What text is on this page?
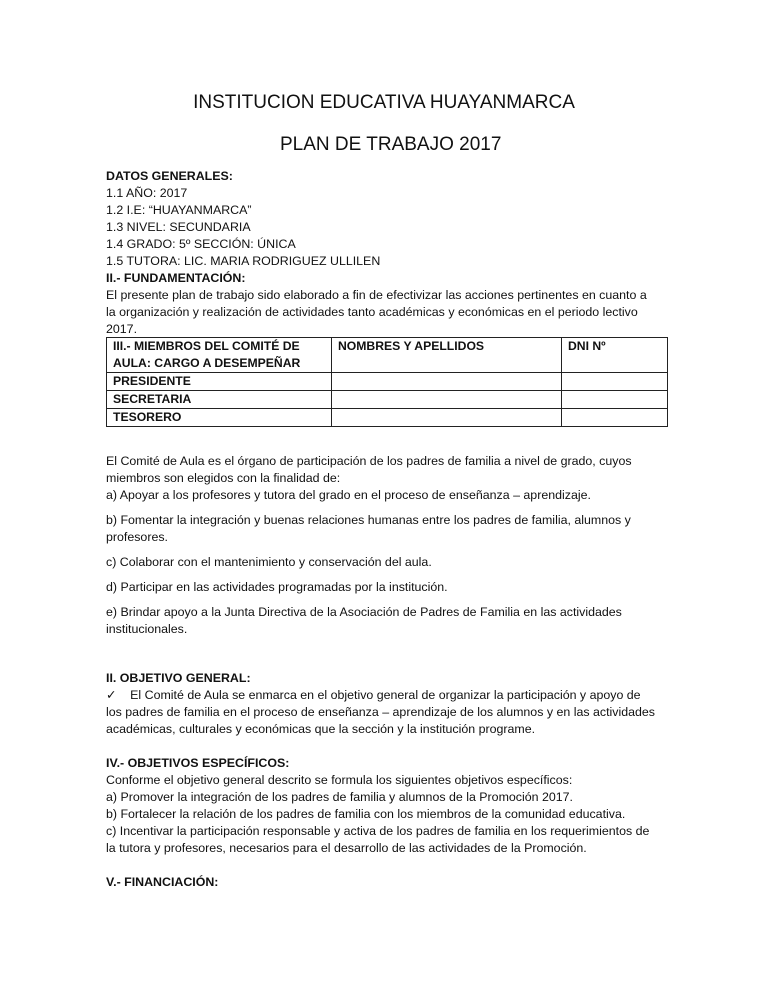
INSTITUCION EDUCATIVA HUAYANMARCA
PLAN DE TRABAJO 2017

DATOS GENERALES:

1.1 AÑO: 2017

1.2 I.E: “HUAYANMARCA”

1.3 NIVEL: SECUNDARIA

1.4 GRADO: 5º SECCIÓN: ÚNICA

1.5 TUTORA: LIC. MARIA RODRIGUEZ ULLILEN

II.- FUNDAMENTACIÓN:

El presente plan de trabajo sido elaborado a fin de efectivizar las acciones pertinentes en cuanto a

la organización y realización de actividades tanto académicas y económicas en el periodo lectivo

2017.

III.- MIEMBROS DEL COMITÉ DE AULA: CARGO A DESEMPEÑAR	NOMBRES Y APELLIDOS	DNI Nº
PRESIDENTE		
SECRETARIA		
TESORERO		

El Comité de Aula es el órgano de participación de los padres de familia a nivel de grado, cuyos

miembros son elegidos con la finalidad de:

a) Apoyar a los profesores y tutora del grado en el proceso de enseñanza – aprendizaje.

b) Fomentar la integración y buenas relaciones humanas entre los padres de familia, alumnos y

profesores.

c) Colaborar con el mantenimiento y conservación del aula.

d) Participar en las actividades programadas por la institución.

e) Brindar apoyo a la Junta Directiva de la Asociación de Padres de Familia en las actividades

institucionales.

II. OBJETIVO GENERAL:

✓ El Comité de Aula se enmarca en el objetivo general de organizar la participación y apoyo de

los padres de familia en el proceso de enseñanza – aprendizaje de los alumnos y en las actividades

académicas, culturales y económicas que la sección y la institución programe.

IV.- OBJETIVOS ESPECÍFICOS:

Conforme el objetivo general descrito se formula los siguientes objetivos específicos:

a) Promover la integración de los padres de familia y alumnos de la Promoción 2017.

b) Fortalecer la relación de los padres de familia con los miembros de la comunidad educativa.

c) Incentivar la participación responsable y activa de los padres de familia en los requerimientos de

la tutora y profesores, necesarios para el desarrollo de las actividades de la Promoción.

V.- FINANCIACIÓN:
